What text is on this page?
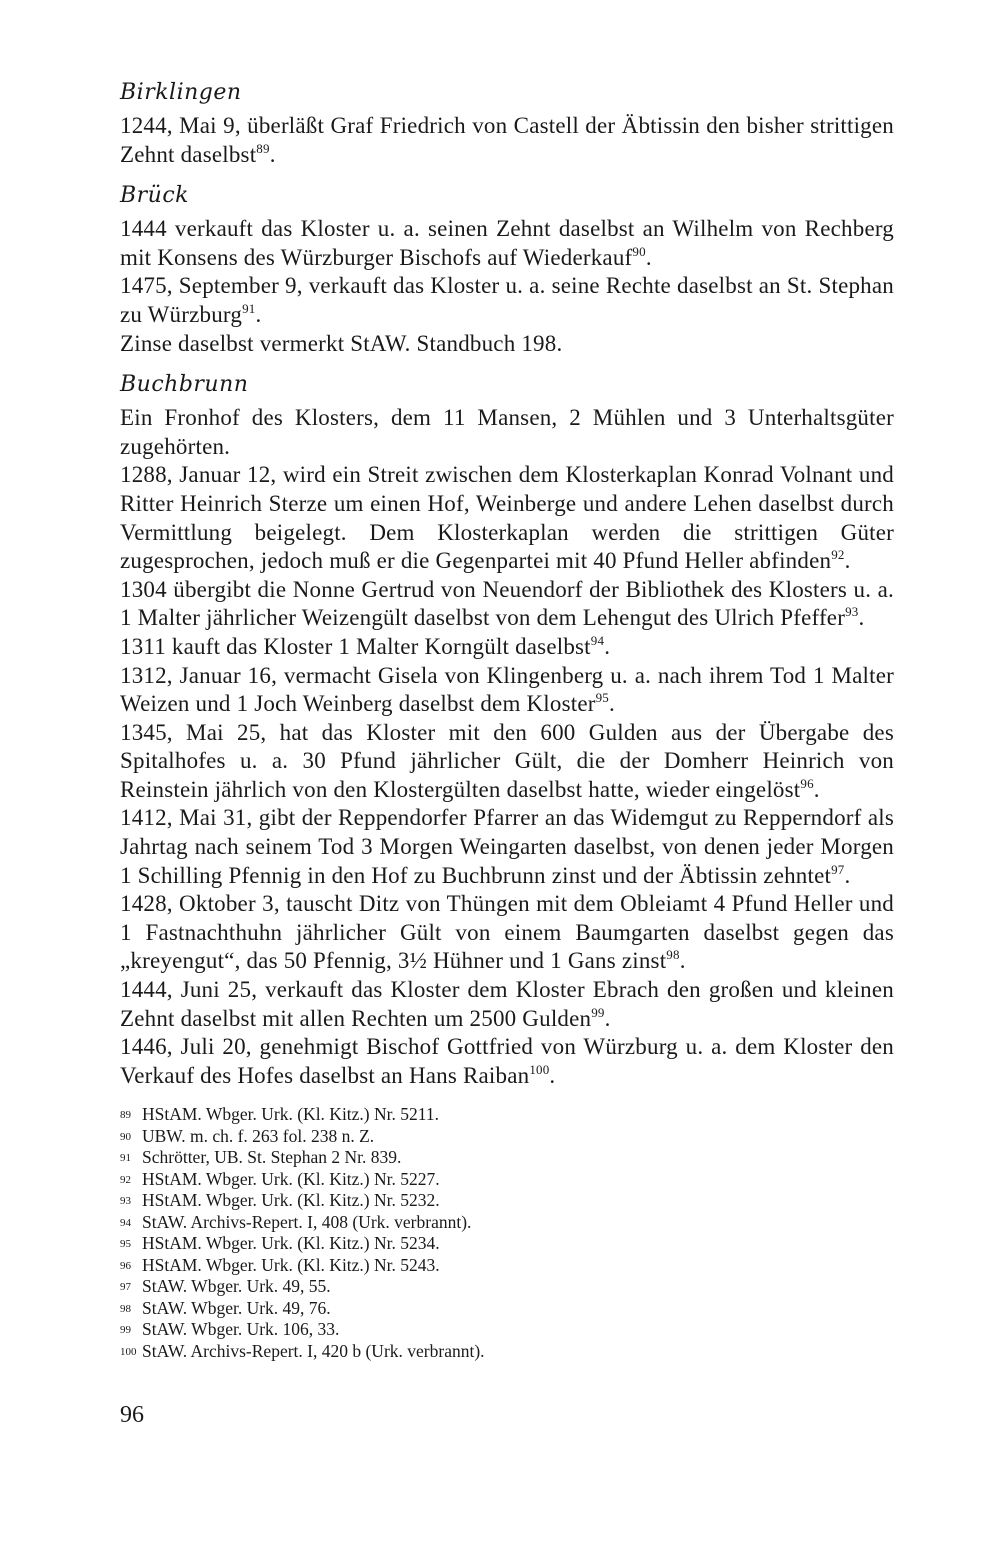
Birklingen

1244, Mai 9, überläßt Graf Friedrich von Castell der Äbtissin den bisher strittigen Zehnt daselbst$^{89}$.

Brück

1444 verkauft das Kloster u. a. seinen Zehnt daselbst an Wilhelm von Rechberg mit Konsens des Würzburger Bischofs auf Wiederkauf$^{90}$.

1475, September 9, verkauft das Kloster u. a. seine Rechte daselbst an St. Stephan zu Würzburg$^{91}$.

Zinse daselbst vermerkt StAW. Standbuch 198.

Buchbrunn

Ein Fronhof des Klosters, dem 11 Mansen, 2 Mühlen und 3 Unterhaltsgüter zugehörten.

1288, Januar 12, wird ein Streit zwischen dem Klosterkaplan Konrad Volnant und Ritter Heinrich Sterze um einen Hof, Weinberge und andere Lehen daselbst durch Vermittlung beigelegt. Dem Klosterkaplan werden die strittigen Güter zugesprochen, jedoch muß er die Gegenpartei mit 40 Pfund Heller abfinden$^{92}$.

1304 übergibt die Nonne Gertrud von Neuendorf der Bibliothek des Klosters u. a. 1 Malter jährlicher Weizengült daselbst von dem Lehengut des Ulrich Pfeffer$^{93}$.

1311 kauft das Kloster 1 Malter Korngült daselbst$^{94}$.

1312, Januar 16, vermacht Gisela von Klingenberg u. a. nach ihrem Tod 1 Malter Weizen und 1 Joch Weinberg daselbst dem Kloster$^{95}$.

1345, Mai 25, hat das Kloster mit den 600 Gulden aus der Übergabe des Spitalhofes u. a. 30 Pfund jährlicher Gült, die der Domherr Heinrich von Reinstein jährlich von den Klostergülten daselbst hatte, wieder eingelöst$^{96}$.

1412, Mai 31, gibt der Reppendorfer Pfarrer an das Widemgut zu Repperndorf als Jahrtag nach seinem Tod 3 Morgen Weingarten daselbst, von denen jeder Morgen 1 Schilling Pfennig in den Hof zu Buchbrunn zinst und der Äbtissin zehntet$^{97}$.

1428, Oktober 3, tauscht Ditz von Thüngen mit dem Obleiamt 4 Pfund Heller und 1 Fastnachthuhn jährlicher Gült von einem Baumgarten daselbst gegen das „kreyengut“, das 50 Pfennig, 3½ Hühner und 1 Gans zinst$^{98}$.

1444, Juni 25, verkauft das Kloster dem Kloster Ebrach den großen und kleinen Zehnt daselbst mit allen Rechten um 2500 Gulden$^{99}$.

1446, Juli 20, genehmigt Bischof Gottfried von Würzburg u. a. dem Kloster den Verkauf des Hofes daselbst an Hans Raiban$^{100}$.

89 HStAM. Wbger. Urk. (Kl. Kitz.) Nr. 5211.
90 UBW. m. ch. f. 263 fol. 238 n. Z.
91 Schrötter, UB. St. Stephan 2 Nr. 839.
92 HStAM. Wbger. Urk. (Kl. Kitz.) Nr. 5227.
93 HStAM. Wbger. Urk. (Kl. Kitz.) Nr. 5232.
94 StAW. Archivs-Repert. I, 408 (Urk. verbrannt).
95 HStAM. Wbger. Urk. (Kl. Kitz.) Nr. 5234.
96 HStAM. Wbger. Urk. (Kl. Kitz.) Nr. 5243.
97 StAW. Wbger. Urk. 49, 55.
98 StAW. Wbger. Urk. 49, 76.
99 StAW. Wbger. Urk. 106, 33.
100 StAW. Archivs-Repert. I, 420 b (Urk. verbrannt).
96
